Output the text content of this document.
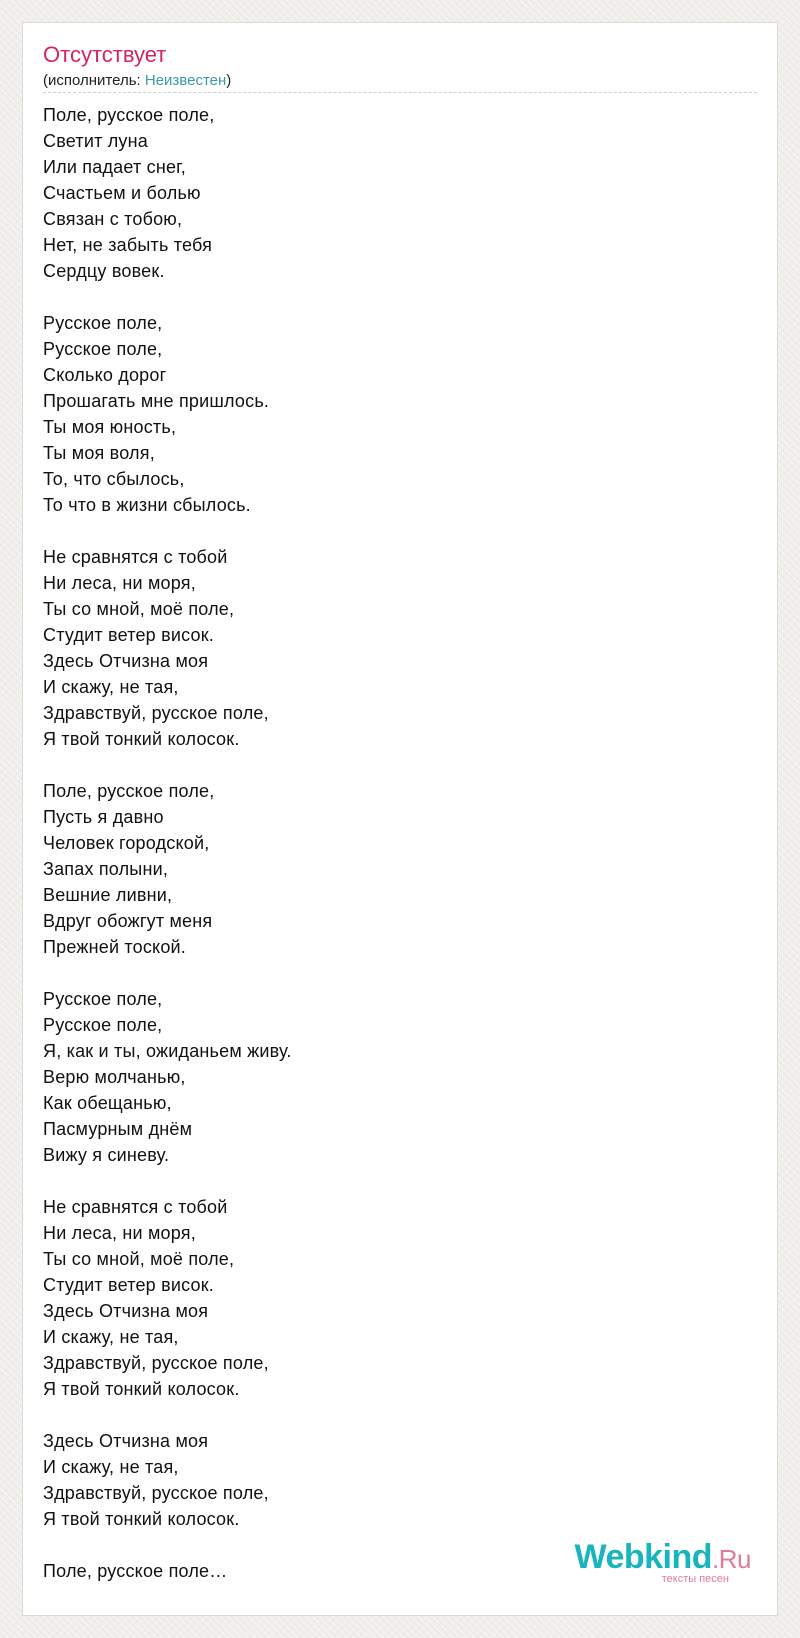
Отсутствует
(исполнитель: Неизвестен)
Поле, русское поле,
Светит луна
Или падает снег,
Счастьем и болью
Связан с тобою,
Нет, не забыть тебя
Сердцу вовек.
Русское поле,
Русское поле,
Сколько дорог
Прошагать мне пришлось.
Ты моя юность,
Ты моя воля,
То, что сбылось,
То что в жизни сбылось.
Не сравнятся с тобой
Ни леса, ни моря,
Ты со мной, моё поле,
Студит ветер висок.
Здесь Отчизна моя
И скажу, не тая,
Здравствуй, русское поле,
Я твой тонкий колосок.
Поле, русское поле,
Пусть я давно
Человек городской,
Запах полыни,
Вешние ливни,
Вдруг обожгут меня
Прежней тоской.
Русское поле,
Русское поле,
Я, как и ты, ожиданьем живу.
Верю молчанью,
Как обещанью,
Пасмурным днём
Вижу я синеву.
Не сравнятся с тобой
Ни леса, ни моря,
Ты со мной, моё поле,
Студит ветер висок.
Здесь Отчизна моя
И скажу, не тая,
Здравствуй, русское поле,
Я твой тонкий колосок.
Здесь Отчизна моя
И скажу, не тая,
Здравствуй, русское поле,
Я твой тонкий колосок.
Поле, русское поле…	Webkind.Ru
тексты песен
